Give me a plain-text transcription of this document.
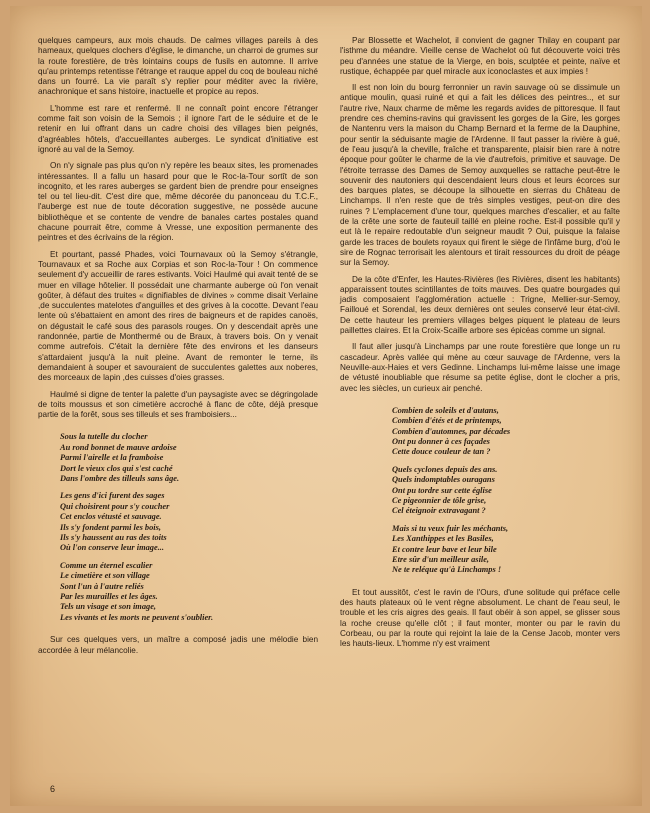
quelques campeurs, aux mois chauds. De calmes villages pareils à des hameaux, quelques clochers d'église, le dimanche, un charroi de grumes sur la route forestière, de très lointains coups de fusils en automne. Il arrive qu'au printemps retentisse l'étrange et rauque appel du coq de bouleau niché dans un fourré. La vie paraît s'y replier pour méditer avec la rivière, anachronique et sans histoire, inactuelle et propice au repos.

L'homme est rare et renfermé. Il ne connaît point encore l'étranger comme fait son voisin de la Semois ; il ignore l'art de le séduire et de le retenir en lui offrant dans un cadre choisi des villages bien peignés, d'agréables hôtels, d'accueillantes auberges. Le syndicat d'initiative est ignoré au val de la Semoy.

On n'y signale pas plus qu'on n'y repère les beaux sites, les promenades intéressantes. Il a fallu un hasard pour que le Roc-la-Tour sortît de son incognito, et les rares auberges se gardent bien de prendre pour enseignes tel ou tel lieu-dit. C'est dire que, même décorée du panonceau du T.C.F., l'auberge est nue de toute décoration suggestive, ne possède aucune bibliothèque et se contente de vendre de banales cartes postales quand chacune pourrait être, comme à Vresse, une exposition permanente des peintres et des écrivains de la région.

Et pourtant, passé Phades, voici Tournavaux où la Semoy s'étrangle, Tournavaux et sa Roche aux Corpias et son Roc-la-Tour ! On commence seulement d'y accueillir de rares estivants. Voici Haulmé qui avait tenté de se muer en village hôtelier. Il possédait une charmante auberge où l'on venait goûter, à défaut des truites « dignifiables de divines » comme disait Verlaine ,de succulentes matelotes d'anguilles et des grives à la cocotte. Devant l'eau lente où s'ébattaient en amont des rires de baigneurs et de rapides canoës, on dégustait le café sous des parasols rouges. On y descendait après une randonnée, partie de Monthermé ou de Braux, à travers bois. On y venait comme autrefois. C'était la dernière fête des environs et les danseurs s'attardaient jusqu'à la nuit pleine. Avant de remonter le terne, ils demandaient à souper et savouraient de succulentes galettes aux noberes, des morceaux de lapin ,des cuisses d'oies grasses.

Haulmé si digne de tenter la palette d'un paysagiste avec se dégringolade de toits moussus et son cimetière accroché à flanc de côte, déjà presque partie de la forêt, sous ses tilleuls et ses framboisiers...

Sous la tutelle du clocher
Au rond bonnet de mauve ardoise
Parmi l'airelle et la framboise
Dort le vieux clos qui s'est caché
Dans l'ombre des tilleuls sans âge.
Les gens d'ici furent des sages
Qui choisirent pour s'y coucher
Cet enclos vétusté et sauvage.
Ils s'y fondent parmi les bois,
Ils s'y haussent au ras des toits
Où l'on conserve leur image...
Comme un éternel escalier
Le cimetière et son village
Sont l'un à l'autre reliés
Par les murailles et les âges.
Tels un visage et son image,
Les vivants et les morts ne peuvent s'oublier.

Sur ces quelques vers, un maître a composé jadis une mélodie bien accordée à leur mélancolie.

Par Blossette et Wachelot, il convient de gagner Thilay en coupant par l'isthme du méandre. Vieille cense de Wachelot où fut découverte voici très peu d'années une statue de la Vierge, en bois, sculptée et peinte, naïve et rustique, échappée par quel miracle aux iconoclastes et aux impies !

Il est non loin du bourg ferronnier un ravin sauvage où se dissimule un antique moulin, quasi ruiné et qui a fait les délices des peintres.., et sur l'autre rive, Naux charme de même les regards avides de pittoresque. Il faut prendre ces chemins-ravins qui gravissent les gorges de la Gire, les gorges de Nantenru vers la maison du Champ Bernard et la ferme de la Dauphine, pour sentir la séduisante magie de l'Ardenne. Il faut passer la rivière à gué, de l'eau jusqu'à la cheville, fraîche et transparente, plaisir bien rare à notre époque pour goûter le charme de la vie d'autrefois, primitive et sauvage. De l'étroite terrasse des Dames de Semoy auxquelles se rattache peut-être le souvenir des nautoniers qui descendaient leurs clous et leurs écorces sur des barques plates, se découpe la silhouette en sierras du Château de Linchamps. Il n'en reste que de très simples vestiges, peut-on dire des ruines ? L'emplacement d'une tour, quelques marches d'escalier, et au faîte de la crête une sorte de fauteuil taillé en pleine roche. Est-il possible qu'il y eut là le repaire redoutable d'un seigneur maudit ? Oui, puisque la falaise garde les traces de boulets royaux qui firent le siège de l'infâme burg, d'où le sire de Rognac terrorisait les alentours et tirait ressources du droit de péage sur la Semoy.

De la côte d'Enfer, les Hautes-Rivières (les Rivières, disent les habitants) apparaissent toutes scintillantes de toits mauves. Des quatre bourgades qui jadis composaient l'agglomération actuelle : Trigne, Mellier-sur-Semoy, Failloué et Sorendal, les deux dernières ont seules conservé leur état-civil. De cette hauteur les premiers villages belges piquent le plateau de leurs paillettes claires. Et la Croix-Scaille arbore ses épicéas comme un signal.

Il faut aller jusqu'à Linchamps par une route forestière que longe un ru cascadeur. Après vallée qui mène au cœur sauvage de l'Ardenne, vers la Neuville-aux-Haies et vers Gedinne. Linchamps lui-même laisse une image de vétusté inoubliable que résume sa petite église, dont le clocher a pris, avec les siècles, un curieux air penché.

Combien de soleils et d'autans,
Combien d'étés et de printemps,
Combien d'automnes, par décades
Ont pu donner à ces façades
Cette douce couleur de tan ?
Quels cyclones depuis des ans.
Quels indomptables ouragans
Ont pu tordre sur cette église
Ce pigeonnier de tôle grise,
Cel éteignoir extravagant ?
Mais si tu veux fuir les méchants,
Les Xanthippes et les Basiles,
Et contre leur bave et leur bile
Etre sûr d'un meilleur asile,
Ne te reléque qu'à Linchamps !

Et tout aussitôt, c'est le ravin de l'Ours, d'une solitude qui préface celle des hauts plateaux où le vent règne absolument. Le chant de l'eau seul, le trouble et les cris aigres des geais. Il faut obéir à son appel, se glisser sous la roche creuse qu'elle clôt ; il faut monter, monter ou par le ravin du Corbeau, ou par la route qui rejoint la laie de la Cense Jacob, monter vers les hauts-lieux. L'homme n'y est vraiment

6
